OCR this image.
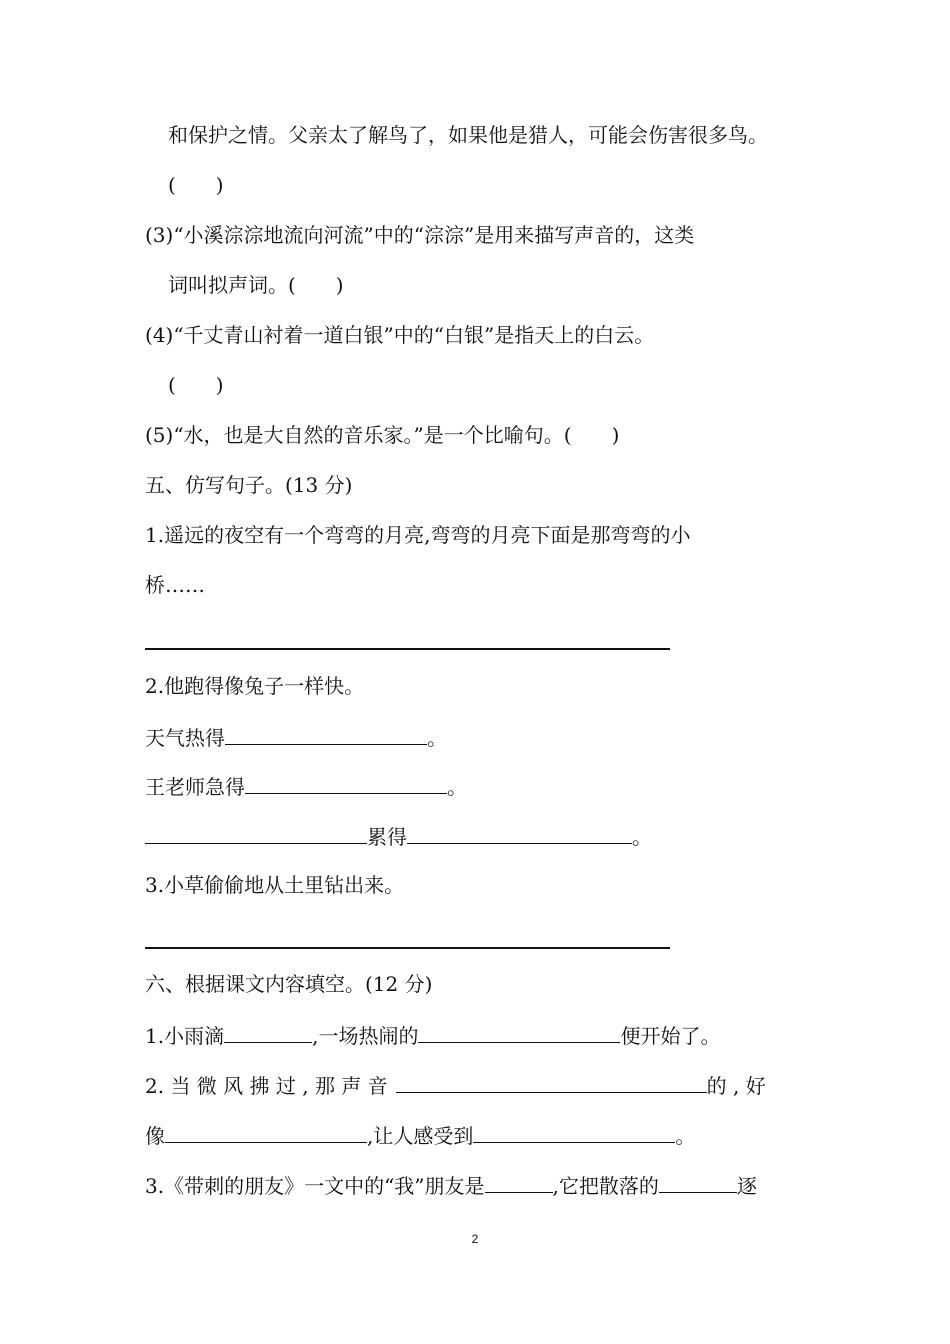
和保护之情。父亲太了解鸟了，如果他是猎人，可能会伤害很多鸟。
(　　)
(3)“小溪淙淙地流向河流”中的“淙淙”是用来描写声音的，这类
词叫拟声词。(　　)
(4)“千丈青山衬着一道白银”中的“白银”是指天上的白云。
(　　)
(5)“水，也是大自然的音乐家。”是一个比喻句。(　　)
五、仿写句子。(13 分)
1.遥远的夜空有一个弯弯的月亮,弯弯的月亮下面是那弯弯的小
桥……
2.他跑得像兔子一样快。
天气热得	。
王老师急得	。
累得	。
3.小草偷偷地从土里钻出来。
六、根据课文内容填空。(12 分)
1.小雨滴	,一场热闹的	便开始了。
2. 当 微 风 拂 过 , 那 声 音	的 , 好
像	,让人感受到	。
3.《带刺的朋友》一文中的“我”朋友是	,它把散落的	逐
2
